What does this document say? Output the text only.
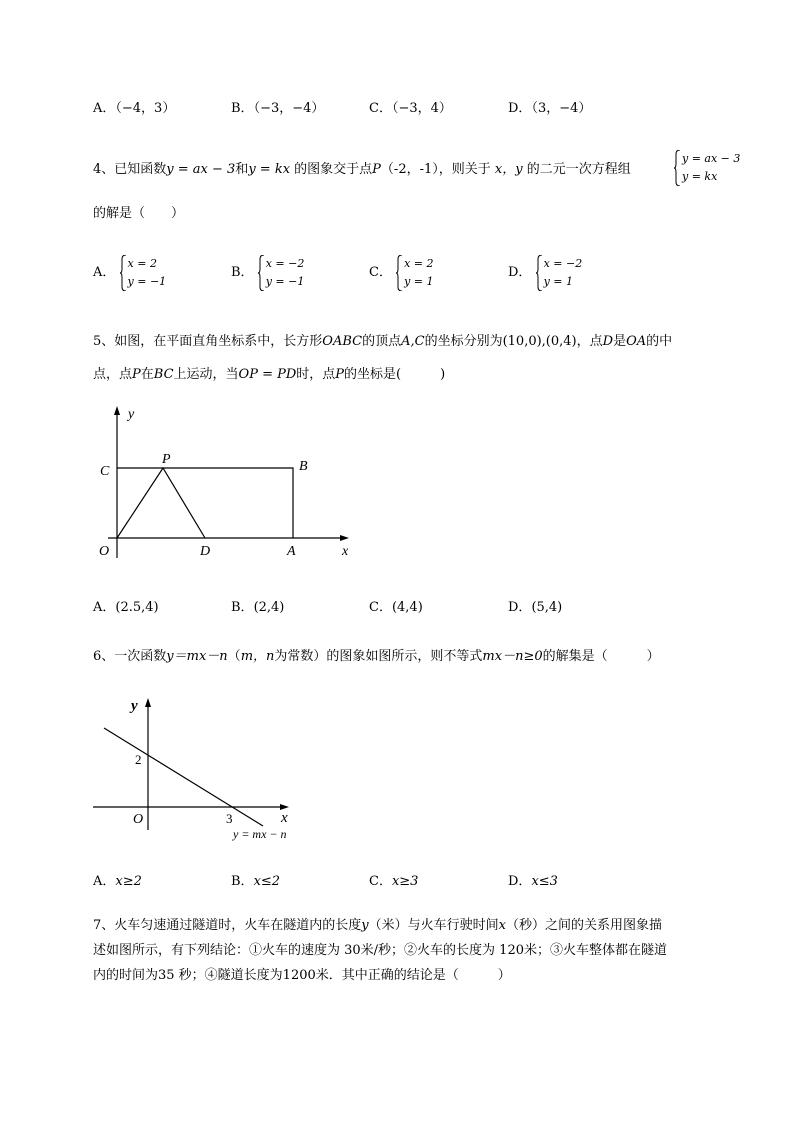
A．（−4，3）	B．（−3，−4）	C．（−3，4）	D．（3，−4）
4、已知函数y = ax − 3和y = kx 的图象交于点P（-2，-1），则关于 x，y 的二元一次方程组
y = ax − 3
y = kx
的解是（　　）
A．
x = 2
y = −1
B．
x = −2
y = −1
C．
x = 2
y = 1
D．
x = −2
y = 1
5、如图，在平面直角坐标系中，长方形OABC的顶点A,C的坐标分别为(10,0),(0,4)，点D是OA的中
点，点P在BC上运动，当OP = PD时，点P的坐标是(　　　)
y
x
C
P	B
O	D	A
A．(2.5,4)	B．(2,4)	C．(4,4)	D．(5,4)
6、一次函数y＝mx－n（m，n为常数）的图象如图所示，则不等式mx－n≥0的解集是（　　　）
y
x
O
2
3
y = mx − n
A．x≥2	B．x≤2	C．x≥3	D．x≤3
7、火车匀速通过隧道时，火车在隧道内的长度y（米）与火车行驶时间x（秒）之间的关系用图象描
述如图所示，有下列结论：①火车的速度为 30米/秒；②火车的长度为 120米；③火车整体都在隧道
内的时间为35 秒；④隧道长度为1200米．其中正确的结论是（　　　）
